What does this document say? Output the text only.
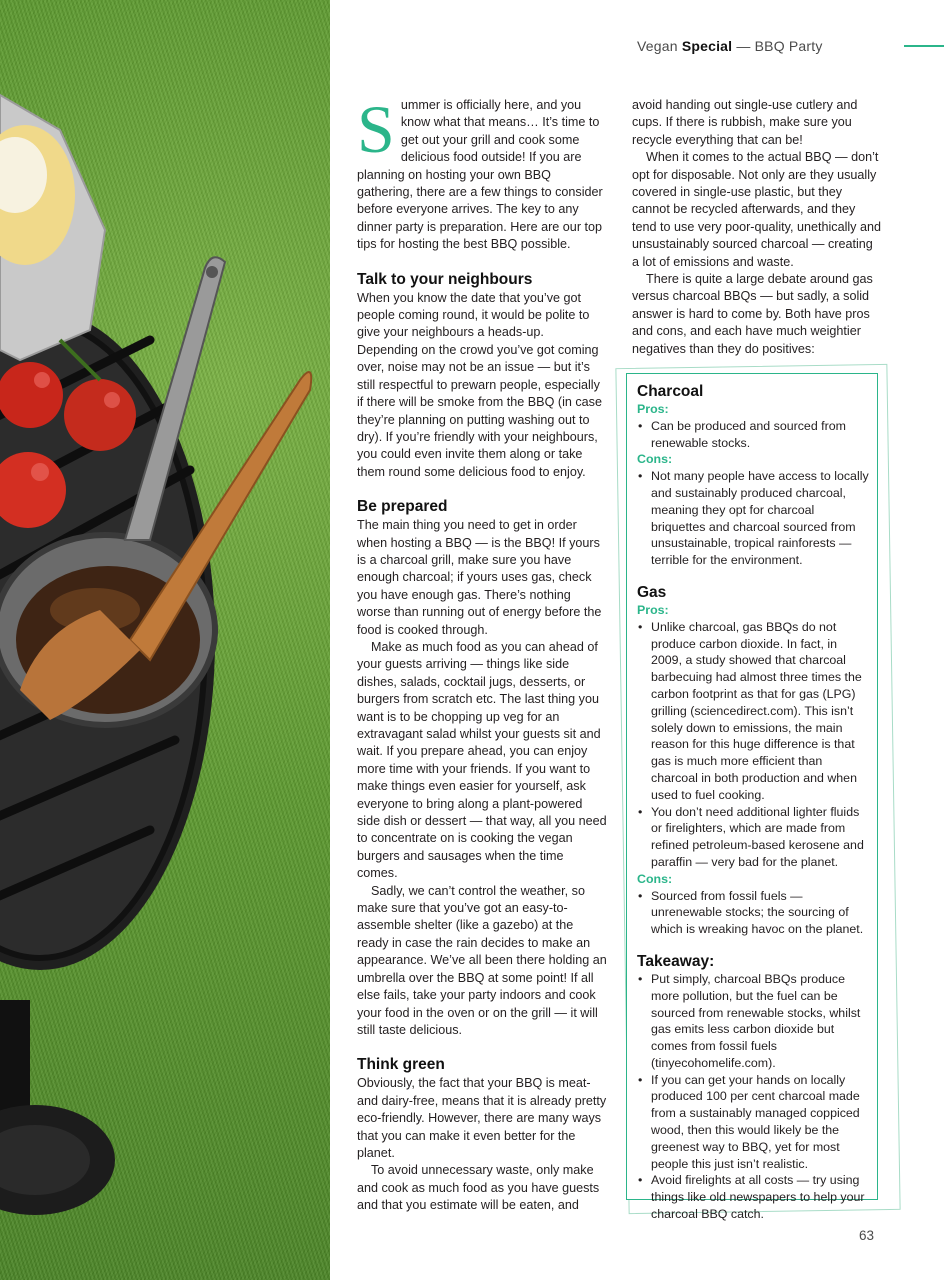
Vegan Special — BBQ Party

Summer is officially here, and you know what that means… It’s time to get out your grill and cook some delicious food outside! If you are planning on hosting your own BBQ gathering, there are a few things to consider before everyone arrives. The key to any dinner party is preparation. Here are our top tips for hosting the best BBQ possible.

Talk to your neighbours

When you know the date that you’ve got people coming round, it would be polite to give your neighbours a heads-up. Depending on the crowd you’ve got coming over, noise may not be an issue — but it’s still respectful to prewarn people, especially if there will be smoke from the BBQ (in case they’re planning on putting washing out to dry). If you’re friendly with your neighbours, you could even invite them along or take them round some delicious food to enjoy.

Be prepared

The main thing you need to get in order when hosting a BBQ — is the BBQ! If yours is a charcoal grill, make sure you have enough charcoal; if yours uses gas, check you have enough gas. There’s nothing worse than running out of energy before the food is cooked through.

Make as much food as you can ahead of your guests arriving — things like side dishes, salads, cocktail jugs, desserts, or burgers from scratch etc. The last thing you want is to be chopping up veg for an extravagant salad whilst your guests sit and wait. If you prepare ahead, you can enjoy more time with your friends. If you want to make things even easier for yourself, ask everyone to bring along a plant-powered side dish or dessert — that way, all you need to concentrate on is cooking the vegan burgers and sausages when the time comes.

Sadly, we can’t control the weather, so make sure that you’ve got an easy-to-assemble shelter (like a gazebo) at the ready in case the rain decides to make an appearance. We’ve all been there holding an umbrella over the BBQ at some point! If all else fails, take your party indoors and cook your food in the oven or on the grill — it will still taste delicious.

Think green

Obviously, the fact that your BBQ is meat- and dairy-free, means that it is already pretty eco-friendly. However, there are many ways that you can make it even better for the planet.

To avoid unnecessary waste, only make and cook as much food as you have guests and that you estimate will be eaten, and

avoid handing out single-use cutlery and cups. If there is rubbish, make sure you recycle everything that can be!

When it comes to the actual BBQ — don’t opt for disposable. Not only are they usually covered in single-use plastic, but they cannot be recycled afterwards, and they tend to use very poor-quality, unethically and unsustainably sourced charcoal — creating a lot of emissions and waste.

There is quite a large debate around gas versus charcoal BBQs — but sadly, a solid answer is hard to come by. Both have pros and cons, and each have much weightier negatives than they do positives:

Charcoal
Pros:
• Can be produced and sourced from renewable stocks.
Cons:
• Not many people have access to locally and sustainably produced charcoal, meaning they opt for charcoal briquettes and charcoal sourced from unsustainable, tropical rainforests — terrible for the environment.
Gas
Pros:
• Unlike charcoal, gas BBQs do not produce carbon dioxide. In fact, in 2009, a study showed that charcoal barbecuing had almost three times the carbon footprint as that for gas (LPG) grilling (sciencedirect.com). This isn’t solely down to emissions, the main reason for this huge difference is that gas is much more efficient than charcoal in both production and when used to fuel cooking.
• You don’t need additional lighter fluids or firelighters, which are made from refined petroleum-based kerosene and paraffin — very bad for the planet.
Cons:
• Sourced from fossil fuels — unrenewable stocks; the sourcing of which is wreaking havoc on the planet.
Takeaway:
• Put simply, charcoal BBQs produce more pollution, but the fuel can be sourced from renewable stocks, whilst gas emits less carbon dioxide but comes from fossil fuels (tinyecohomelife.com).
• If you can get your hands on locally produced 100 per cent charcoal made from a sustainably managed coppiced wood, then this would likely be the greenest way to BBQ, yet for most people this just isn’t realistic.
• Avoid firelights at all costs — try using things like old newspapers to help your charcoal BBQ catch.
63
